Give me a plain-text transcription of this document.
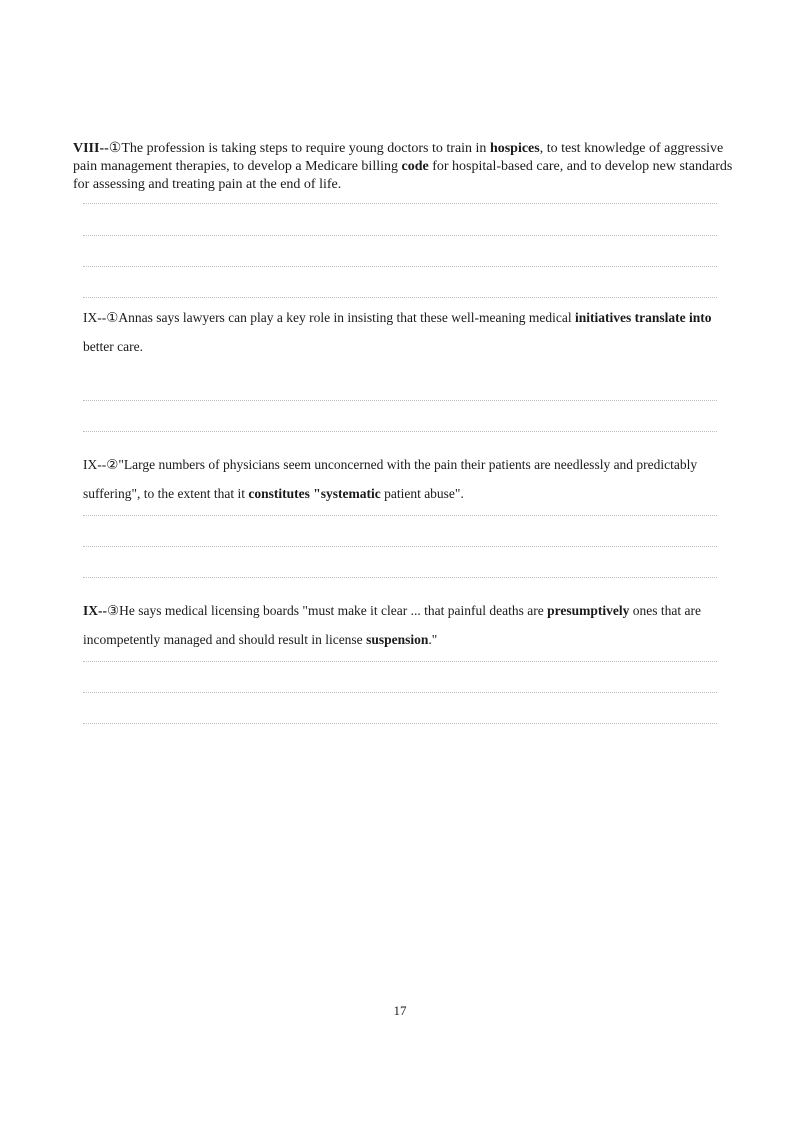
VIII--①The profession is taking steps to require young doctors to train in hospices, to test knowledge of aggressive pain management therapies, to develop a Medicare billing code for hospital-based care, and to develop new standards for assessing and treating pain at the end of life.

IX--①Annas says lawyers can play a key role in insisting that these well-meaning medical initiatives translate into better care.

IX--②"Large numbers of physicians seem unconcerned with the pain their patients are needlessly and predictably suffering", to the extent that it constitutes "systematic patient abuse".

IX--③He says medical licensing boards "must make it clear ... that painful deaths are presumptively ones that are incompetently managed and should result in license suspension."

17
